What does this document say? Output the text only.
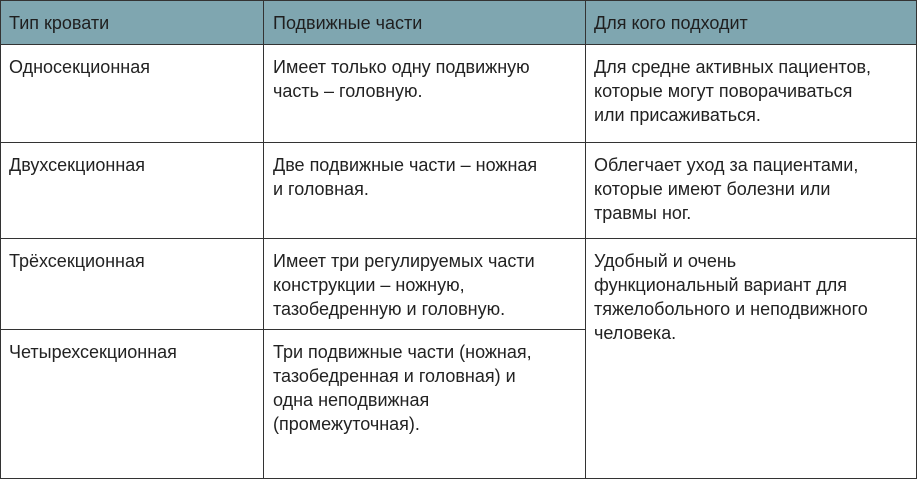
Тип кровати	Подвижные части	Для кого подходит

Односекционная	Имеет только одну подвижную часть – головную.	Для средне активных пациентов, которые могут поворачиваться или присаживаться.

Двухсекционная	Две подвижные части – ножная и головная.	Облегчает уход за пациентами, которые имеют болезни или травмы ног.

Трёхсекционная	Имеет три регулируемых части конструкции – ножную, тазобедренную и головную.	Удобный и очень функциональный вариант для тяжелобольного и неподвижного человека.

Четырехсекционная	Три подвижные части (ножная, тазобедренная и головная) и одна неподвижная (промежуточная).	
